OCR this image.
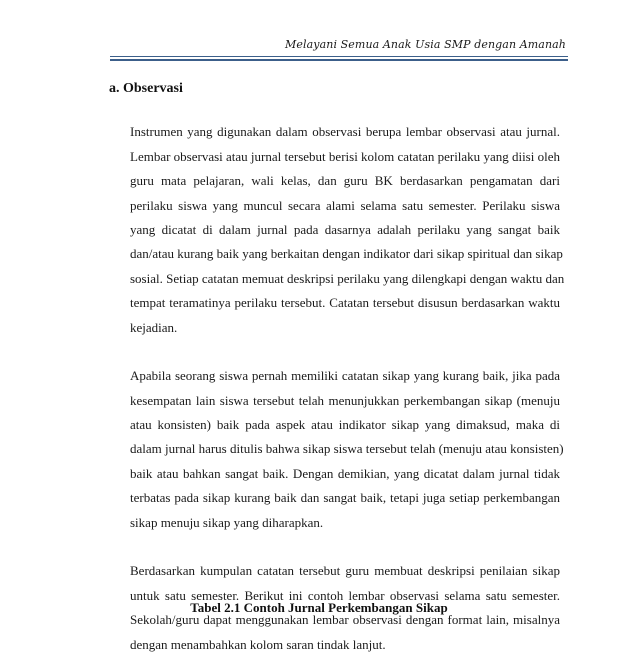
Melayani Semua Anak Usia SMP dengan Amanah
a. Observasi
Instrumen yang digunakan dalam observasi berupa lembar observasi atau jurnal.
Lembar observasi atau jurnal tersebut berisi kolom catatan perilaku yang diisi oleh
guru mata pelajaran, wali kelas, dan guru BK berdasarkan pengamatan dari
perilaku siswa yang muncul secara alami selama satu semester. Perilaku siswa
yang dicatat di dalam jurnal pada dasarnya adalah perilaku yang sangat baik
dan/atau kurang baik yang berkaitan dengan indikator dari sikap spiritual dan sikap
sosial. Setiap catatan memuat deskripsi perilaku yang dilengkapi dengan waktu dan
tempat teramatinya perilaku tersebut. Catatan tersebut disusun berdasarkan waktu
kejadian.
Apabila seorang siswa pernah memiliki catatan sikap yang kurang baik, jika pada
kesempatan lain siswa tersebut telah menunjukkan perkembangan sikap (menuju
atau konsisten) baik pada aspek atau indikator sikap yang dimaksud, maka di
dalam jurnal harus ditulis bahwa sikap siswa tersebut telah (menuju atau konsisten)
baik atau bahkan sangat baik. Dengan demikian, yang dicatat dalam jurnal tidak
terbatas pada sikap kurang baik dan sangat baik, tetapi juga setiap perkembangan
sikap menuju sikap yang diharapkan.
Berdasarkan kumpulan catatan tersebut guru membuat deskripsi penilaian sikap
untuk satu semester. Berikut ini contoh lembar observasi selama satu semester.
Sekolah/guru dapat menggunakan lembar observasi dengan format lain, misalnya
dengan menambahkan kolom saran tindak lanjut.
Tabel 2.1 Contoh Jurnal Perkembangan Sikap
